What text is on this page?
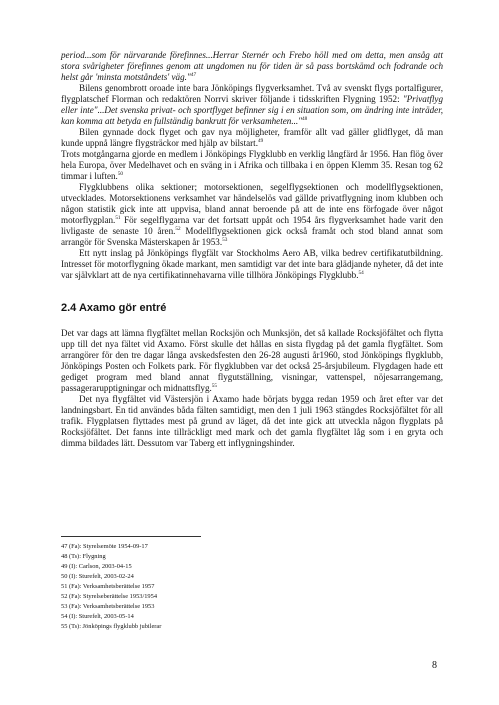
period...som för närvarande förefinnes...Herrar Sternér och Frebo höll med om detta, men ansåg att stora svårigheter förefinnes genom att ungdomen nu för tiden är så pass bortskämd och fodrande och helst går 'minsta motståndets' väg."$^{47}$

Bilens genombrott oroade inte bara Jönköpings flygverksamhet. Två av svenskt flygs portalfigurer, flygplatschef Florman och redaktören Norrvi skriver följande i tidsskriften Flygning 1952: "Privatflyg eller inte"...Det svenska privat- och sportflyget befinner sig i en situation som, om ändring inte inträder, kan komma att betyda en fullständig bankrutt för verksamheten..."$^{48}$

Bilen gynnade dock flyget och gav nya möjligheter, framför allt vad gäller glidflyget, då man kunde uppnå längre flygsträckor med hjälp av bilstart.$^{49}$

Trots motgångarna gjorde en medlem i Jönköpings Flygklubb en verklig långfärd år 1956. Han flög över hela Europa, över Medelhavet och en sväng in i Afrika och tillbaka i en öppen Klemm 35. Resan tog 62 timmar i luften.$^{50}$

Flygklubbens olika sektioner; motorsektionen, segelflygsektionen och modellflygsektionen, utvecklades. Motorsektionens verksamhet var händelselös vad gällde privatflygning inom klubben och någon statistik gick inte att uppvisa, bland annat beroende på att de inte ens förfogade över något motorflygplan.$^{51}$ För segelflygarna var det fortsatt uppåt och 1954 års flygverksamhet hade varit den livligaste de senaste 10 åren.$^{52}$ Modellflygsektionen gick också framåt och stod bland annat som arrangör för Svenska Mästerskapen år 1953.53

Ett nytt inslag på Jönköpings flygfält var Stockholms Aero AB, vilka bedrev certifikatutbildning. Intresset för motorflygning ökade markant, men samtidigt var det inte bara glädjande nyheter, då det inte var självklart att de nya certifikatinnehavarna ville tillhöra Jönköpings Flygklubb.$^{54}$

2.4 Axamo gör entré

Det var dags att lämna flygfältet mellan Rocksjön och Munksjön, det så kallade Rocksjöfältet och flytta upp till det nya fältet vid Axamo. Först skulle det hållas en sista flygdag på det gamla flygfältet. Som arrangörer för den tre dagar långa avskedsfesten den 26-28 augusti år1960, stod Jönköpings flygklubb, Jönköpings Posten och Folkets park. För flygklubben var det också 25-årsjubileum. Flygdagen hade ett gediget program med bland annat flygutställning, visningar, vattenspel, nöjesarrangemang, passagerarupptigningar och midnattsflyg.$^{55}$

Det nya flygfältet vid Västersjön i Axamo hade börjats bygga redan 1959 och året efter var det landningsbart. En tid användes båda fälten samtidigt, men den 1 juli 1963 stängdes Rocksjöfältet för all trafik. Flygplatsen flyttades mest på grund av läget, då det inte gick att utveckla någon flygplats på Rocksjöfältet. Det fanns inte tillräckligt med mark och det gamla flygfältet låg som i en gryta och dimma bildades lätt. Dessutom var Taberg ett inflygningshinder.

47 (Fa): Styrelsemöte 1954-09-17
48 (Ts): Flygning
49 (I): Carlson, 2003-04-15
50 (I): Sturefelt, 2003-02-24
51 (Fa): Verksamhetsberättelse 1957
52 (Fa): Styrelseberättelse 1953/1954
53 (Fa): Verksamhetsberättelse 1953
54 (I): Sturefelt, 2003-05-14
55 (Ts): Jönköpings flygklubb jubilerar
8
